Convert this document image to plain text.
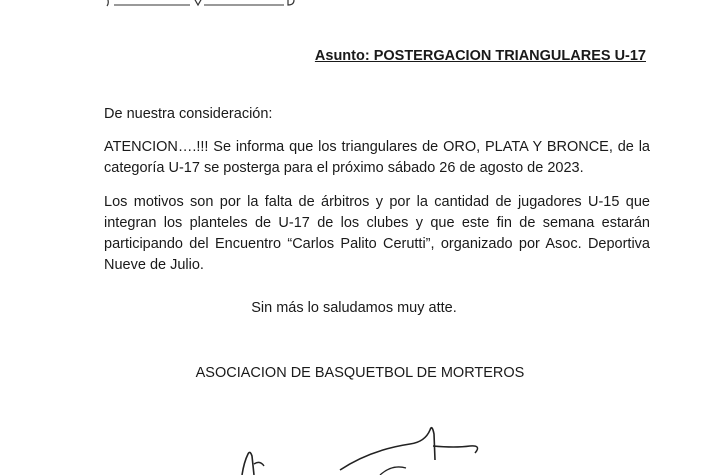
Asunto: POSTERGACION TRIANGULARES U-17
De nuestra consideración:
ATENCION….!!! Se informa que los triangulares de ORO, PLATA Y BRONCE, de la categoría U-17 se posterga para el próximo sábado 26 de agosto de 2023.
Los motivos son por la falta de árbitros y por la cantidad de jugadores U-15 que integran los planteles de U-17 de los clubes y que este fin de semana estarán participando del Encuentro “Carlos Palito Cerutti”, organizado por Asoc. Deportiva Nueve de Julio.
Sin más lo saludamos muy atte.
ASOCIACION DE BASQUETBOL DE MORTEROS
